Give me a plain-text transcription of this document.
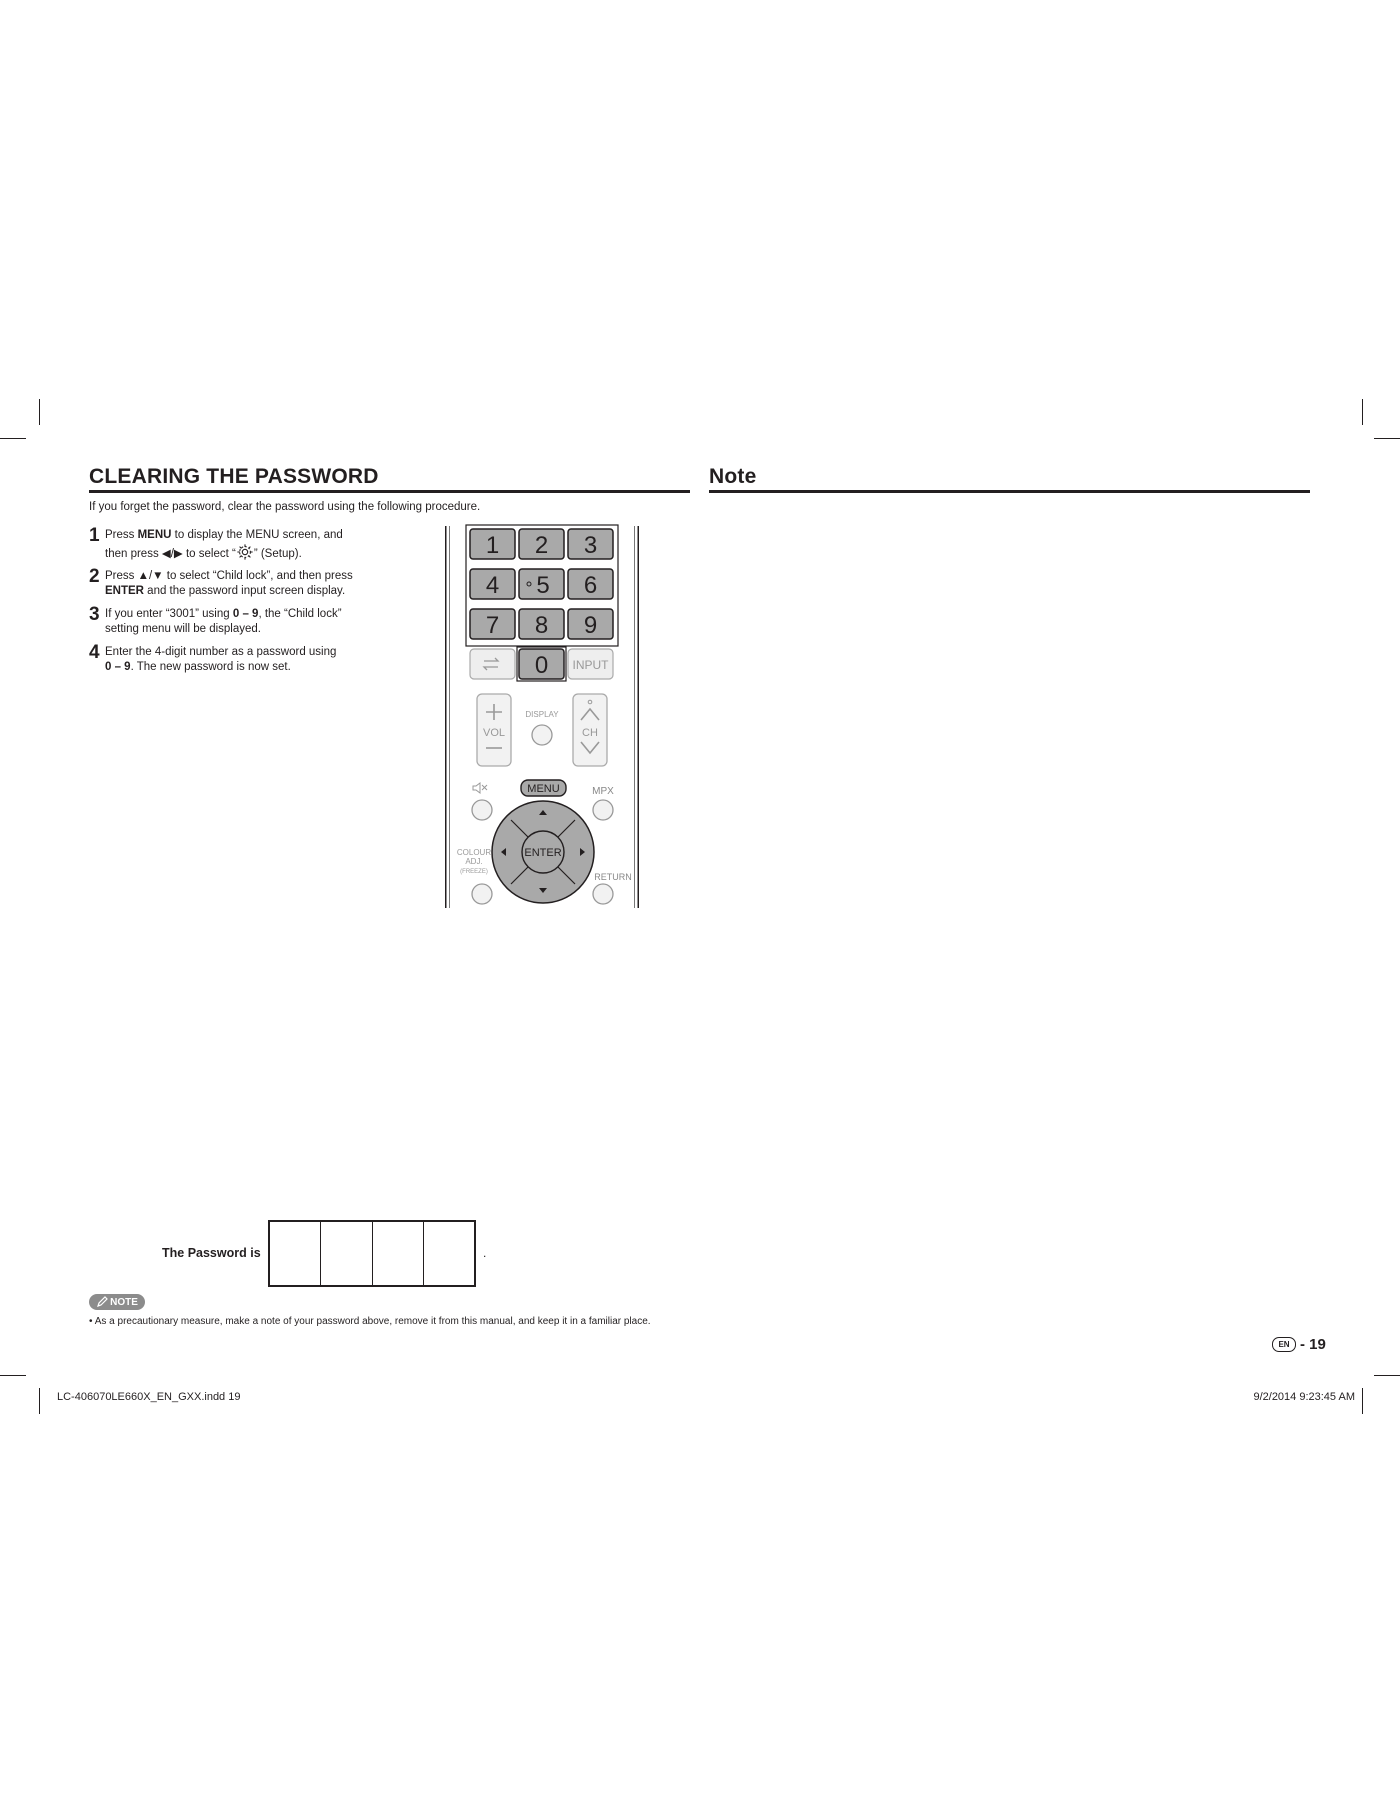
CLEARING THE PASSWORD	Note
If you forget the password, clear the password using the following procedure.
1 Press MENU to display the MENU screen, and
then press ◀/▶ to select “ ” (Setup).
2 Press ▲/▼ to select “Child lock”, and then press
ENTER and the password input screen display.
3 If you enter “3001” using 0 – 9, the “Child lock”
setting menu will be displayed.
4 Enter the 4-digit number as a password using
0 – 9. The new password is now set.
1 2 3
4 5 6
7 8 9
0 INPUT
VOL
DISPLAY
CH
MENU	MPX
ENTER
COLOUR
ADJ.
(FREEZE)	RETURN
The Password is	.
NOTE
• As a precautionary measure, make a note of your password above, remove it from this manual, and keep it in a familiar place.
EN - 19
LC-406070LE660X_EN_GXX.indd 19	9/2/2014 9:23:45 AM
